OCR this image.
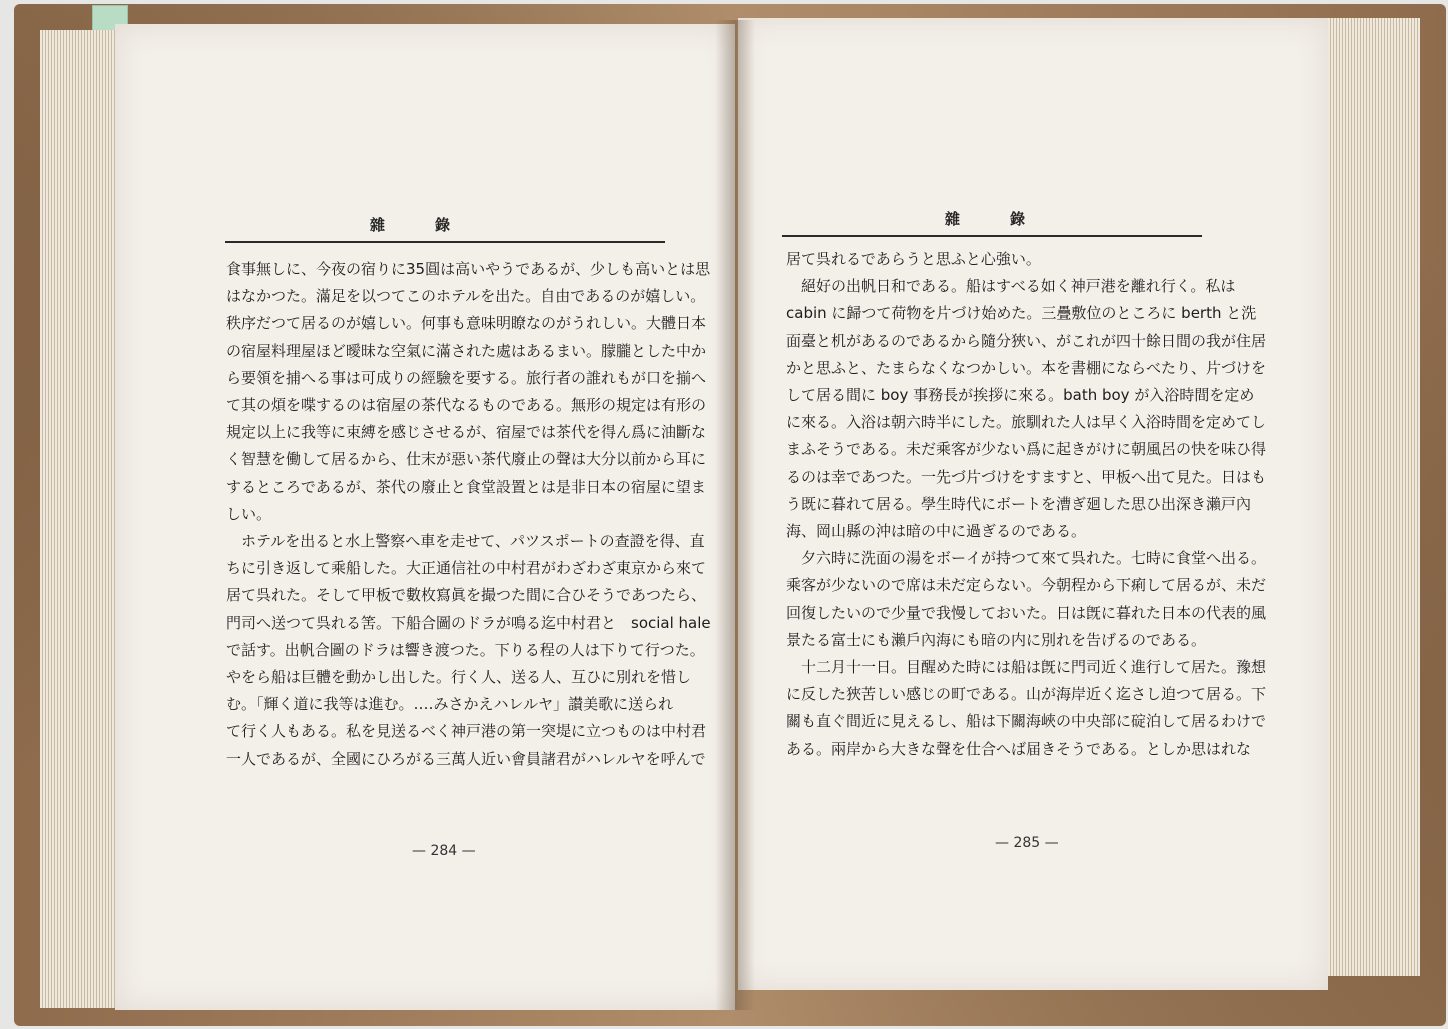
雜錄

食事無しに、今夜の宿りに35圓は高いやうであるが、少しも高いとは思

はなかつた。滿足を以つてこのホテルを出た。自由であるのが嬉しい。

秩序だつて居るのが嬉しい。何事も意味明瞭なのがうれしい。大體日本

の宿屋料理屋ほど曖昧な空氣に滿された處はあるまい。朦朧とした中か

ら要領を捕へる事は可成りの經驗を要する。旅行者の誰れもが口を揃へ

て其の煩を喋するのは宿屋の茶代なるものである。無形の規定は有形の

規定以上に我等に束縛を感じさせるが、宿屋では茶代を得ん爲に油斷な

く智慧を働して居るから、仕末が惡い茶代廢止の聲は大分以前から耳に

するところであるが、茶代の廢止と食堂設置とは是非日本の宿屋に望ま

しい。

　ホテルを出ると水上警察へ車を走せて、パツスポートの查證を得、直

ちに引き返して乘船した。大正通信社の中村君がわざわざ東京から來て

居て呉れた。そして甲板で數枚寫眞を撮つた間に合ひそうであつたら、

門司へ送つて呉れる筈。下船合圖のドラが鳴る迄中村君と　social hale

で話す。出帆合圖のドラは響き渡つた。下りる程の人は下りて行つた。

やをら船は巨體を動かし出した。行く人、送る人、互ひに別れを惜し

む。「輝く道に我等は進む。‥‥みさかえハレルヤ」讃美歌に送られ

て行く人もある。私を見送るべく神戸港の第一突堤に立つものは中村君

一人であるが、全國にひろがる三萬人近い會員諸君がハレルヤを呼んで

— 284 —
雜錄

居て呉れるであらうと思ふと心強い。

　絕好の出帆日和である。船はすべる如く神戸港を離れ行く。私は

cabin に歸つて荷物を片づけ始めた。三疊敷位のところに berth と洗

面臺と机があるのであるから隨分狹い、がこれが四十餘日間の我が住居

かと思ふと、たまらなくなつかしい。本を書棚にならべたり、片づけを

して居る間に boy 事務長が挨拶に來る。bath boy が入浴時間を定め

に來る。入浴は朝六時半にした。旅馴れた人は早く入浴時間を定めてし

まふそうである。未だ乘客が少ない爲に起きがけに朝風呂の快を味ひ得

るのは幸であつた。一先づ片づけをすますと、甲板へ出て見た。日はも

う既に暮れて居る。學生時代にボートを漕ぎ廻した思ひ出深き瀨戸內

海、岡山縣の沖は暗の中に過ぎるのである。

　夕六時に洗面の湯をボーイが持つて來て呉れた。七時に食堂へ出る。

乘客が少ないので席は未だ定らない。今朝程から下痢して居るが、未だ

回復したいので少量で我慢しておいた。日は旣に暮れた日本の代表的風

景たる富士にも瀨戶內海にも暗の内に別れを告げるのである。

　十二月十一日。目醒めた時には船は旣に門司近く進行して居た。豫想

に反した狹苦しい感じの町である。山が海岸近く迄さし迫つて居る。下

關も直ぐ間近に見えるし、船は下關海峽の中央部に碇泊して居るわけで

ある。兩岸から大きな聲を仕合へば届きそうである。としか思はれな

— 285 —
